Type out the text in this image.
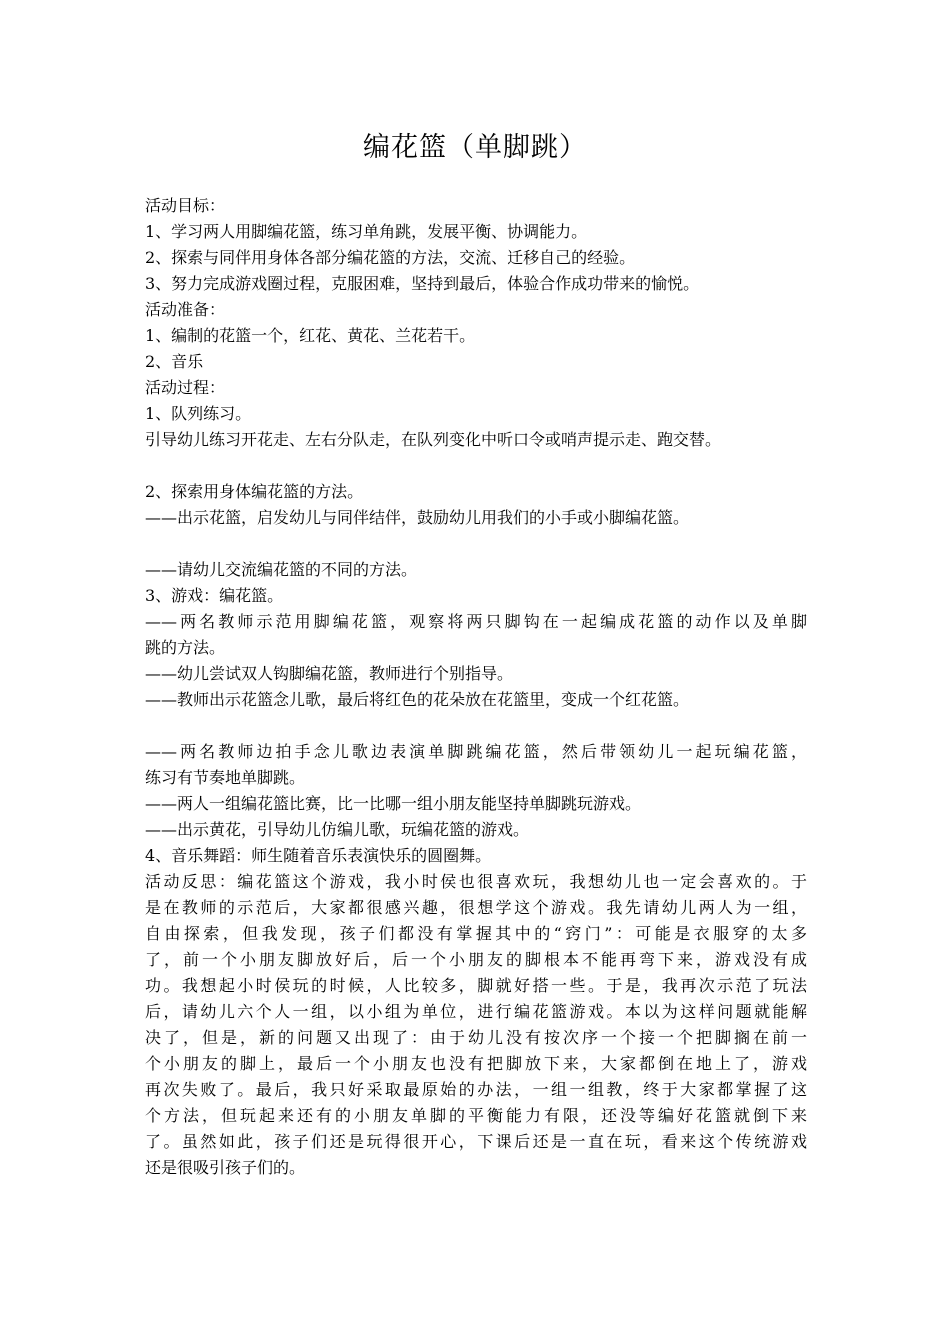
编花篮（单脚跳）
活动目标：
1、学习两人用脚编花篮，练习单角跳，发展平衡、协调能力。
2、探索与同伴用身体各部分编花篮的方法，交流、迁移自己的经验。
3、努力完成游戏圈过程，克服困难，坚持到最后，体验合作成功带来的愉悦。
活动准备：
1、编制的花篮一个，红花、黄花、兰花若干。
2、音乐
活动过程：
1、队列练习。
引导幼儿练习开花走、左右分队走，在队列变化中听口令或哨声提示走、跑交替。
2、探索用身体编花篮的方法。
——出示花篮，启发幼儿与同伴结伴，鼓励幼儿用我们的小手或小脚编花篮。
——请幼儿交流编花篮的不同的方法。
3、游戏：编花篮。
——两名教师示范用脚编花篮，观察将两只脚钩在一起编成花篮的动作以及单脚
跳的方法。
——幼儿尝试双人钩脚编花篮，教师进行个别指导。
——教师出示花篮念儿歌，最后将红色的花朵放在花篮里，变成一个红花篮。
——两名教师边拍手念儿歌边表演单脚跳编花篮，然后带领幼儿一起玩编花篮，
练习有节奏地单脚跳。
——两人一组编花篮比赛，比一比哪一组小朋友能坚持单脚跳玩游戏。
——出示黄花，引导幼儿仿编儿歌，玩编花篮的游戏。
4、音乐舞蹈：师生随着音乐表演快乐的圆圈舞。
活动反思：编花篮这个游戏，我小时侯也很喜欢玩，我想幼儿也一定会喜欢的。于
是在教师的示范后，大家都很感兴趣，很想学这个游戏。我先请幼儿两人为一组，
自由探索，但我发现，孩子们都没有掌握其中的“窍门”：可能是衣服穿的太多
了，前一个小朋友脚放好后，后一个小朋友的脚根本不能再弯下来，游戏没有成
功。我想起小时侯玩的时候，人比较多，脚就好搭一些。于是，我再次示范了玩法
后，请幼儿六个人一组，以小组为单位，进行编花篮游戏。本以为这样问题就能解
决了，但是，新的问题又出现了：由于幼儿没有按次序一个接一个把脚搁在前一
个小朋友的脚上，最后一个小朋友也没有把脚放下来，大家都倒在地上了，游戏
再次失败了。最后，我只好采取最原始的办法，一组一组教，终于大家都掌握了这
个方法，但玩起来还有的小朋友单脚的平衡能力有限，还没等编好花篮就倒下来
了。虽然如此，孩子们还是玩得很开心，下课后还是一直在玩，看来这个传统游戏
还是很吸引孩子们的。
